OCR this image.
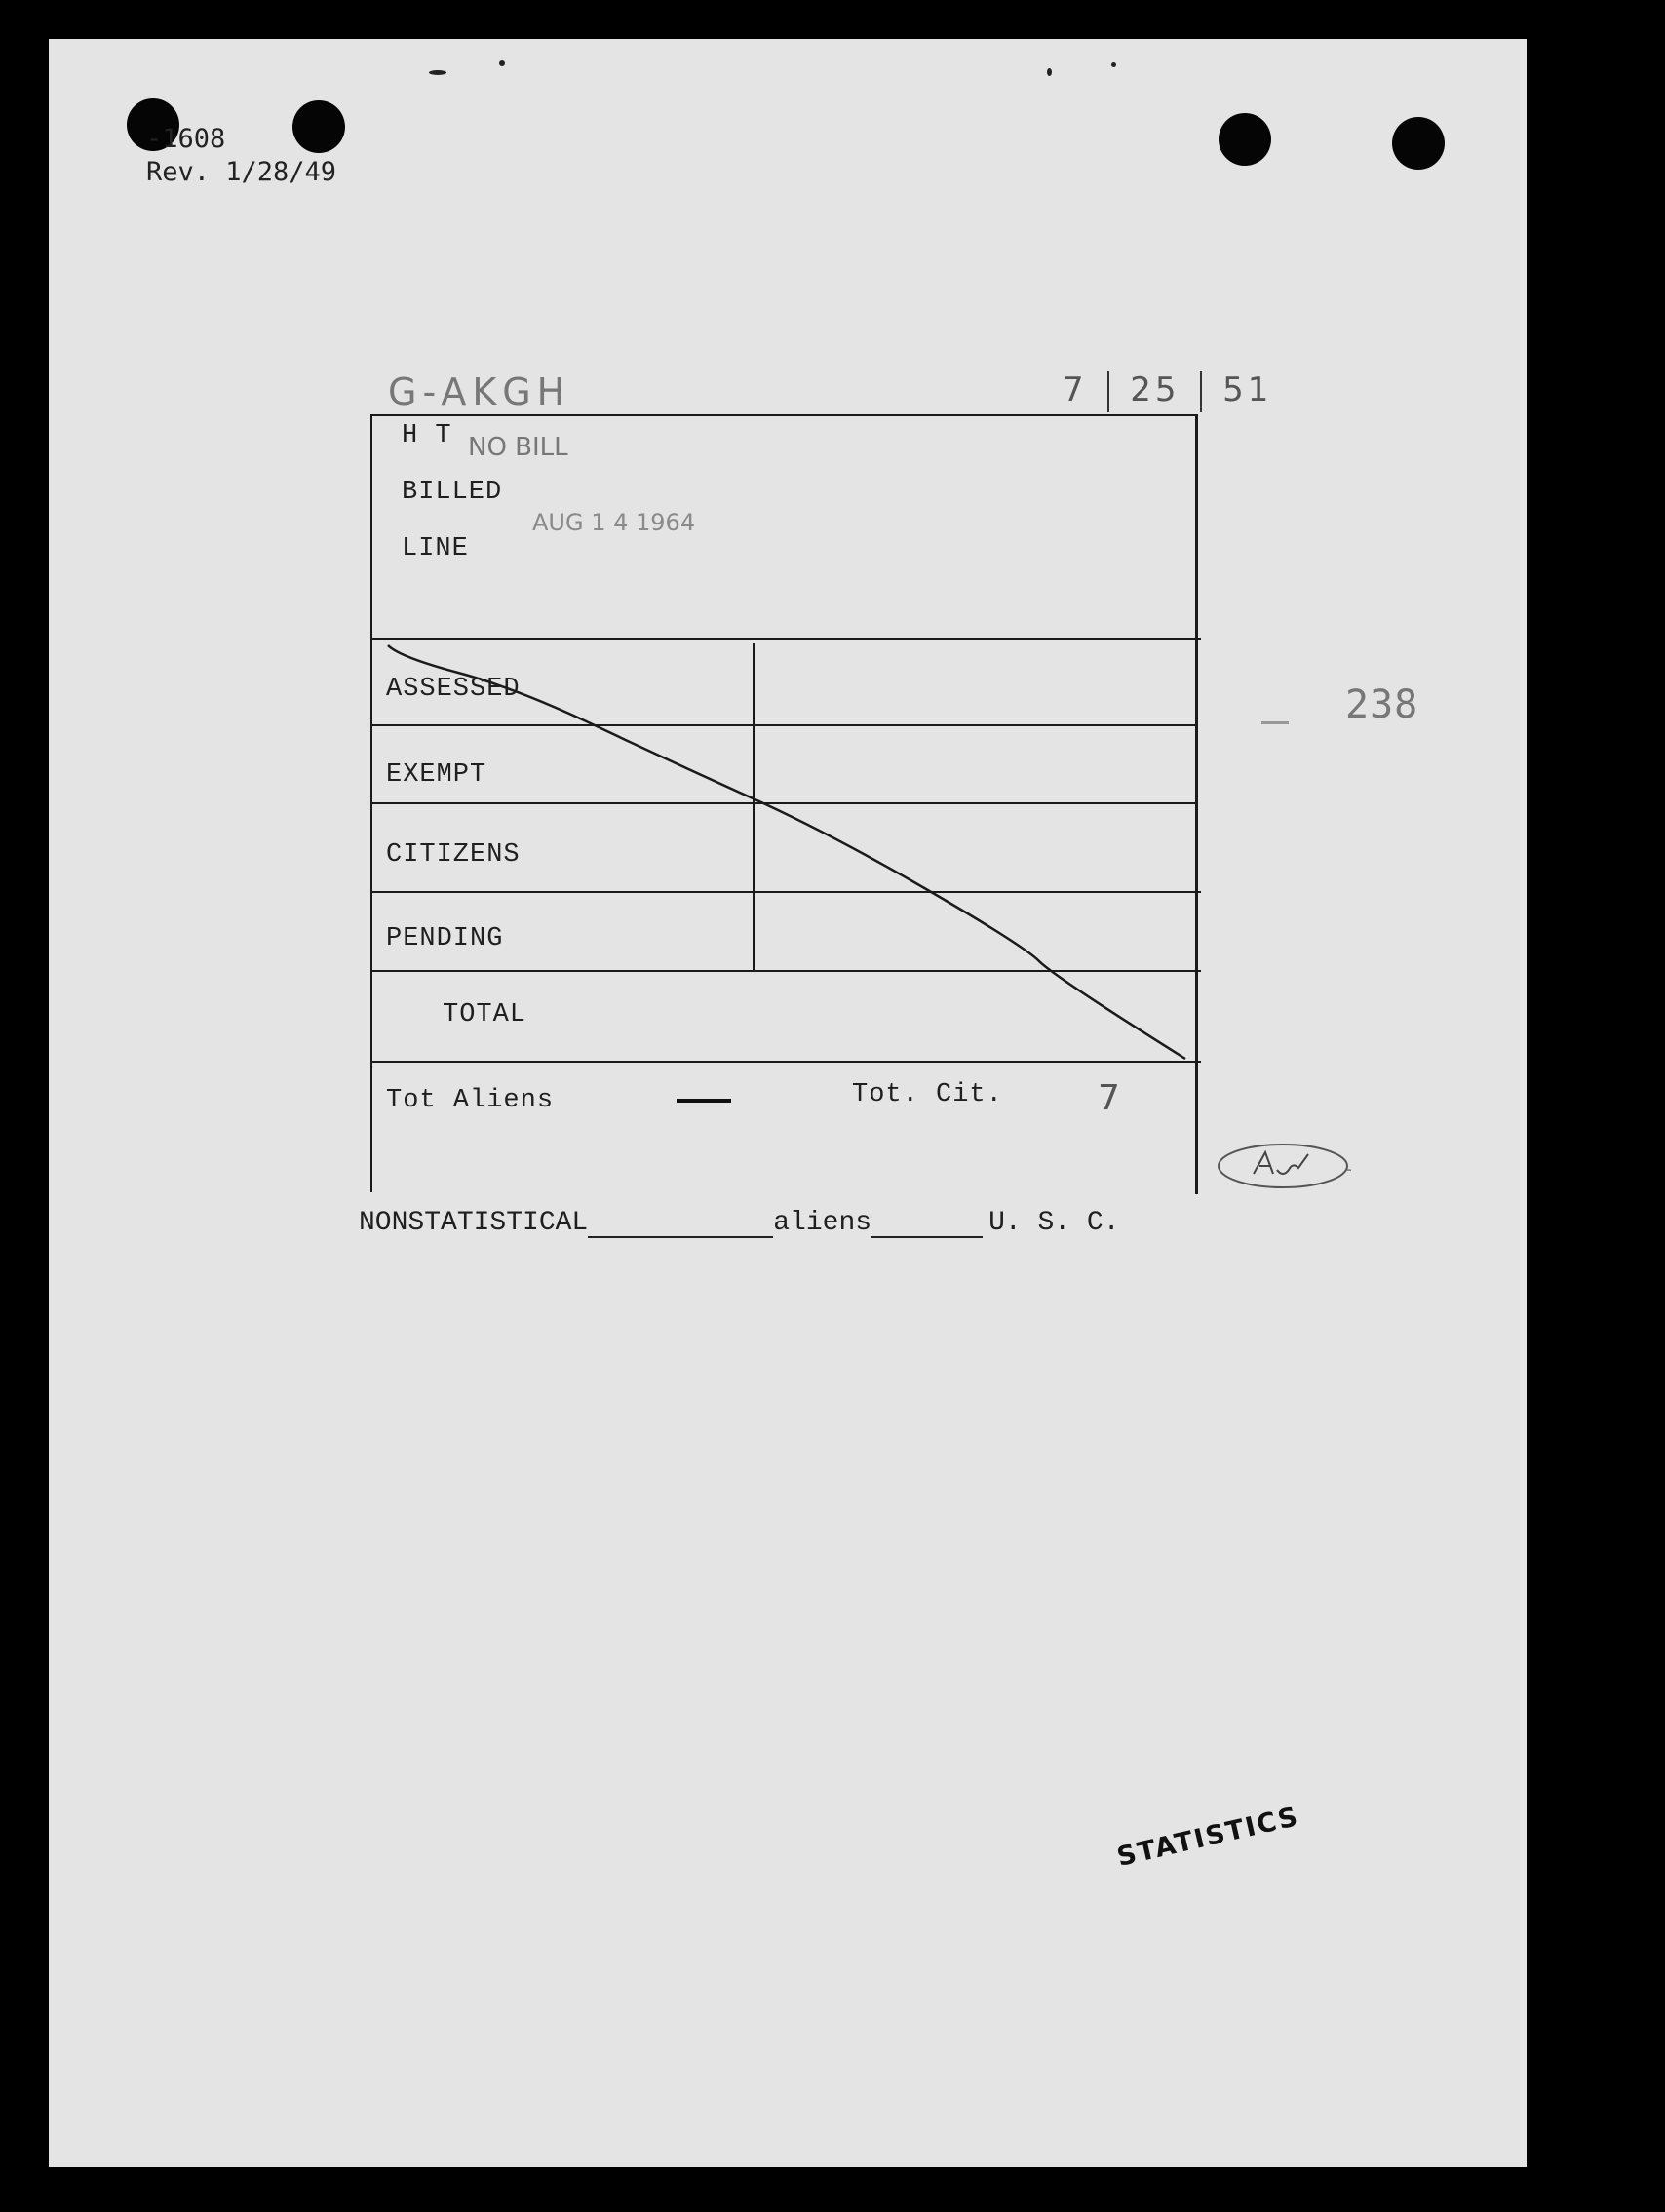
-1608
Rev. 1/28/49
G-AKGH	7 25 51
H T
BILLED
LINE
NO BILL
AUG 1 4 1964
ASSESSED
EXEMPT
CITIZENS
PENDING
TOTAL
Tot Aliens	Tot. Cit.	7
238
NONSTATISTICAL	aliens	U. S. C.
STATISTICS
